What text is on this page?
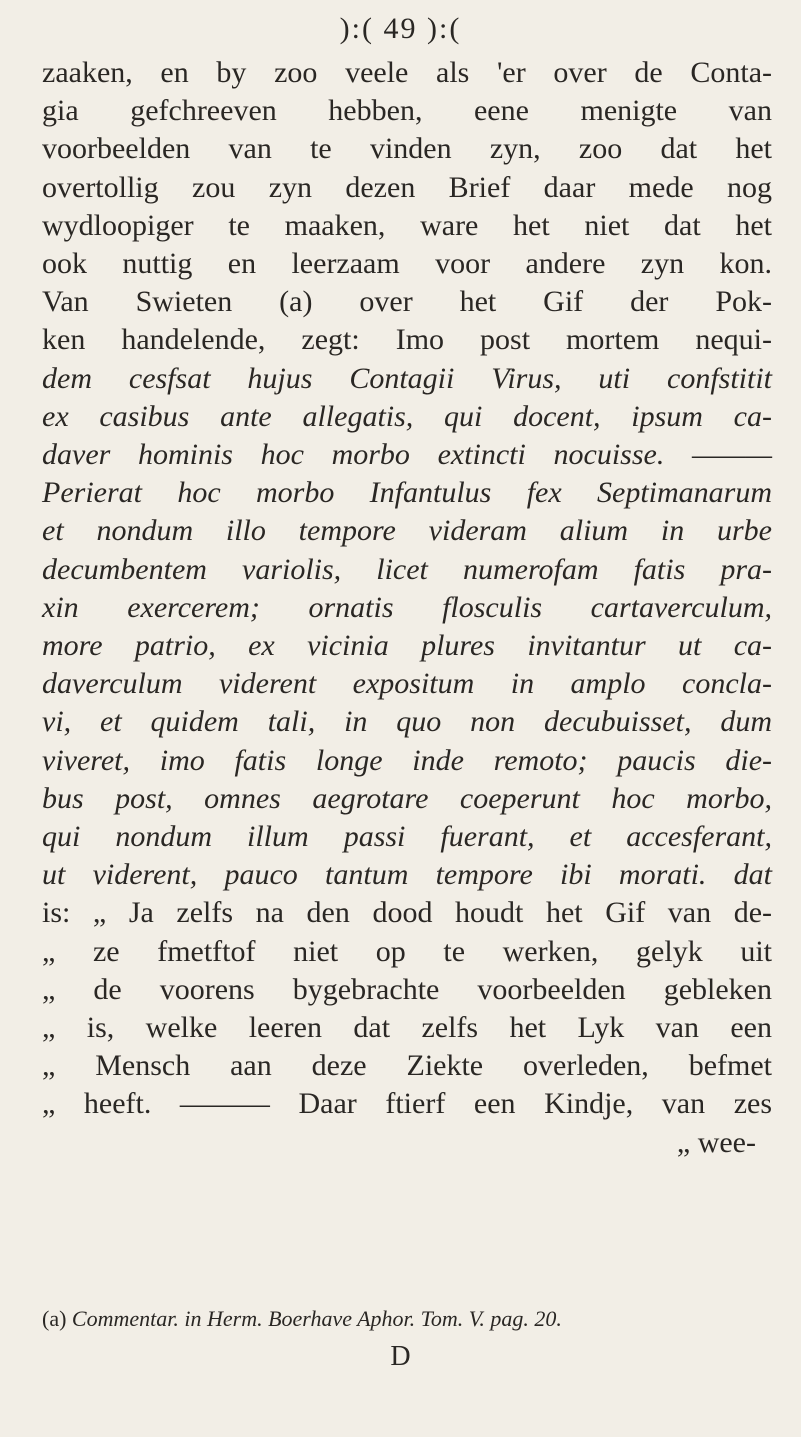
):( 49 ):(
zaaken, en by zoo veele als 'er over de Conta-
gia gefchreeven hebben, eene menigte van
voorbeelden van te vinden zyn, zoo dat het
overtollig zou zyn dezen Brief daar mede nog
wydloopiger te maaken, ware het niet dat het
ook nuttig en leerzaam voor andere zyn kon.
Van Swieten (a) over het Gif der Pok-
ken handelende, zegt: Imo post mortem nequi-
dem cesfsat hujus Contagii Virus, uti confstitit
ex casibus ante allegatis, qui docent, ipsum ca-
daver hominis hoc morbo extincti nocuisse. ———
Perierat hoc morbo Infantulus fex Septimanarum
et nondum illo tempore videram alium in urbe
decumbentem variolis, licet numerofam fatis pra-
xin exercerem; ornatis flosculis cartaverculum,
more patrio, ex vicinia plures invitantur ut ca-
daverculum viderent expositum in amplo concla-
vi, et quidem tali, in quo non decubuisset, dum
viveret, imo fatis longe inde remoto; paucis die-
bus post, omnes aegrotare coeperunt hoc morbo,
qui nondum illum passi fuerant, et accesferant,
ut viderent, pauco tantum tempore ibi morati. dat
is: „ Ja zelfs na den dood houdt het Gif van de-
„ ze fmetftof niet op te werken, gelyk uit
„ de voorens bygebrachte voorbeelden gebleken
„ is, welke leeren dat zelfs het Lyk van een
„ Mensch aan deze Ziekte overleden, befmet
„ heeft. ——— Daar ftierf een Kindje, van zes
„ wee-
(a) Commentar. in Herm. Boerhave Aphor. Tom. V. pag. 20.
D
